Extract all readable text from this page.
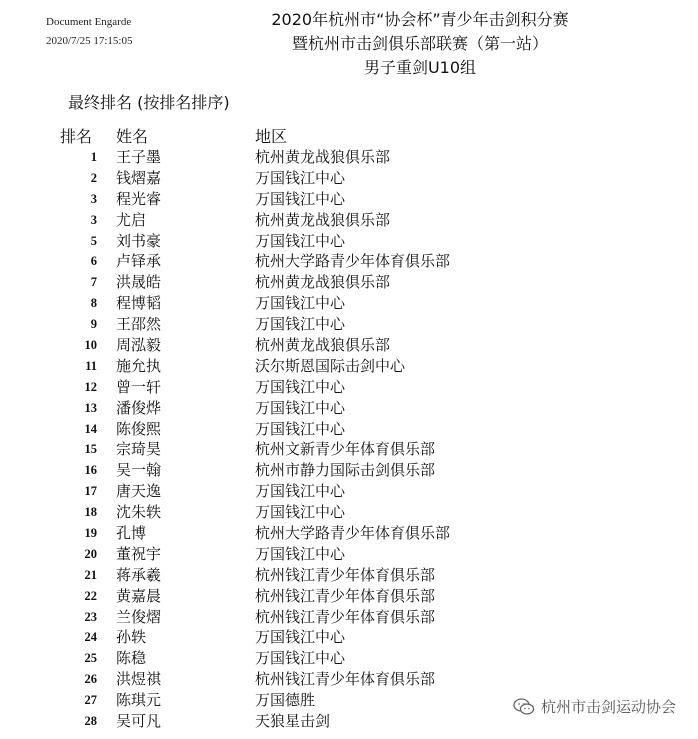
Document Engarde
2020/7/25 17:15:05
2020年杭州市“协会杯”青少年击剑积分赛
暨杭州市击剑俱乐部联赛（第一站）
男子重剑U10组
最终排名 (按排名排序)
排名 姓名	地区
1 王子墨	杭州黄龙战狼俱乐部
2 钱熠嘉	万国钱江中心
3 程光睿	万国钱江中心
3 尤启	杭州黄龙战狼俱乐部
5 刘书豪	万国钱江中心
6 卢铎承	杭州大学路青少年体育俱乐部
7 洪晟皓	杭州黄龙战狼俱乐部
8 程博韬	万国钱江中心
9 王邵然	万国钱江中心
10 周泓毅	杭州黄龙战狼俱乐部
11 施允执	沃尔斯恩国际击剑中心
12 曾一轩	万国钱江中心
13 潘俊烨	万国钱江中心
14 陈俊熙	万国钱江中心
15 宗琦昊	杭州文新青少年体育俱乐部
16 吴一翰	杭州市静力国际击剑俱乐部
17 唐天逸	万国钱江中心
18 沈朱轶	万国钱江中心
19 孔博	杭州大学路青少年体育俱乐部
20 董祝宇	万国钱江中心
21 蒋承羲	杭州钱江青少年体育俱乐部
22 黄嘉晨	杭州钱江青少年体育俱乐部
23 兰俊熠	杭州钱江青少年体育俱乐部
24 孙轶	万国钱江中心
25 陈稳	万国钱江中心
26 洪煜祺	杭州钱江青少年体育俱乐部
27 陈琪元	万国德胜
28 吴可凡	天狼星击剑
杭州市击剑运动协会
